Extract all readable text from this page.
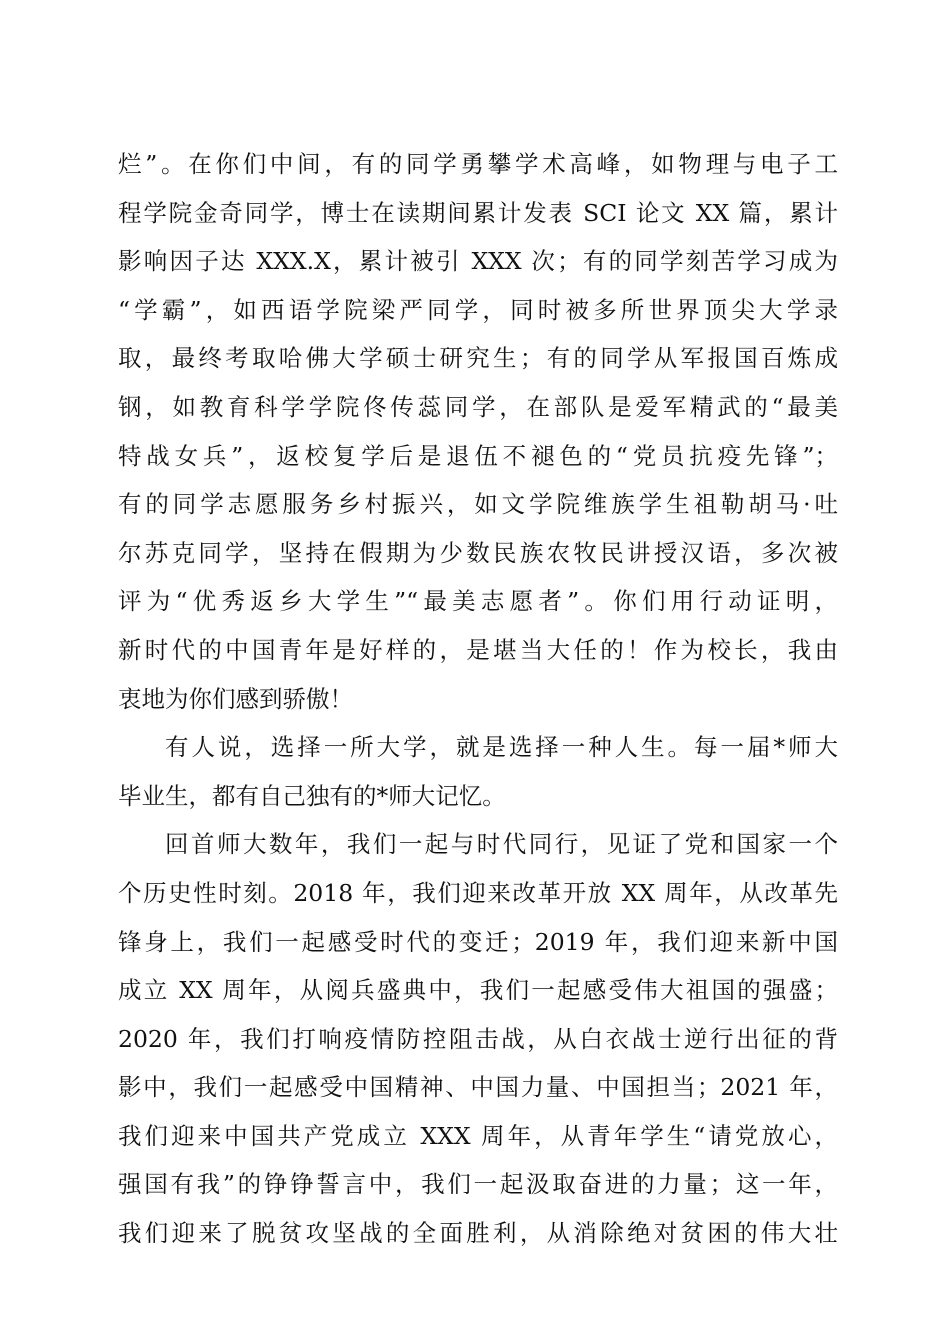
烂”。在你们中间，有的同学勇攀学术高峰，如物理与电子工
程学院金奇同学，博士在读期间累计发表 SCI 论文 XX 篇，累计
影响因子达 XXX.X，累计被引 XXX 次；有的同学刻苦学习成为
“学霸”，如西语学院梁严同学，同时被多所世界顶尖大学录
取，最终考取哈佛大学硕士研究生；有的同学从军报国百炼成
钢，如教育科学学院佟传蕊同学，在部队是爱军精武的“最美
特战女兵”，返校复学后是退伍不褪色的“党员抗疫先锋”；
有的同学志愿服务乡村振兴，如文学院维族学生祖勒胡马·吐
尔苏克同学，坚持在假期为少数民族农牧民讲授汉语，多次被
评为“优秀返乡大学生”“最美志愿者”。你们用行动证明，
新时代的中国青年是好样的，是堪当大任的！作为校长，我由
衷地为你们感到骄傲！
有人说，选择一所大学，就是选择一种人生。每一届*师大
毕业生，都有自己独有的*师大记忆。
回首师大数年，我们一起与时代同行，见证了党和国家一个
个历史性时刻。2018 年，我们迎来改革开放 XX 周年，从改革先
锋身上，我们一起感受时代的变迁；2019 年，我们迎来新中国
成立 XX 周年，从阅兵盛典中，我们一起感受伟大祖国的强盛；
2020 年，我们打响疫情防控阻击战，从白衣战士逆行出征的背
影中，我们一起感受中国精神、中国力量、中国担当；2021 年，
我们迎来中国共产党成立 XXX 周年，从青年学生“请党放心，
强国有我”的铮铮誓言中，我们一起汲取奋进的力量；这一年，
我们迎来了脱贫攻坚战的全面胜利，从消除绝对贫困的伟大壮
